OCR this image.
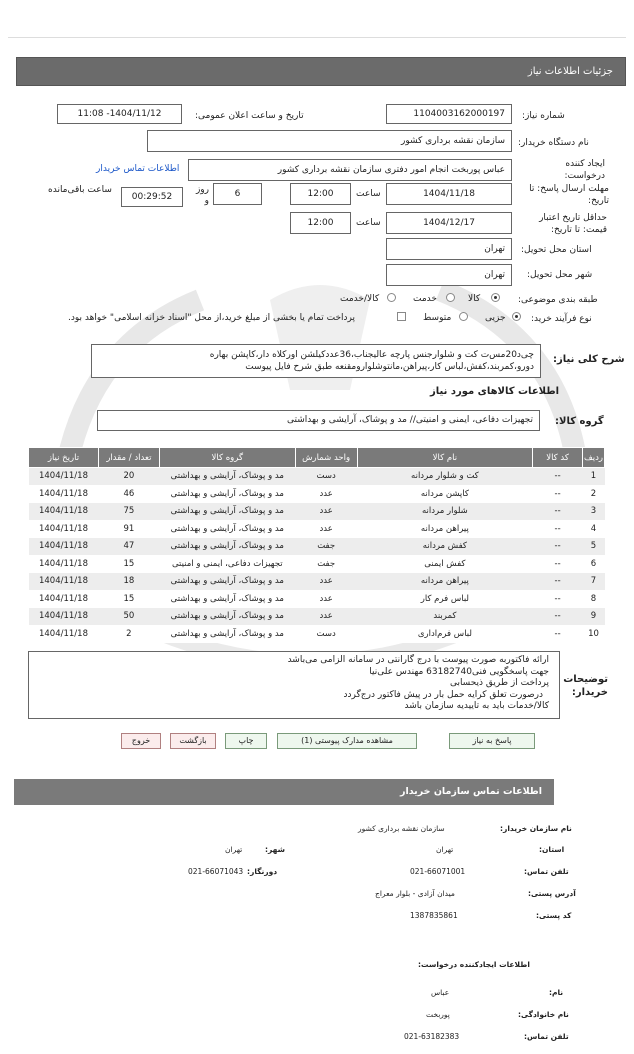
جزئیات اطلاعات نیاز
شماره نیاز:
1104003162000197
تاریخ و ساعت اعلان عمومی:
1404/11/12- 11:08
نام دستگاه خریدار:
سازمان نقشه برداری کشور
ایجاد کننده درخواست:
عباس پوربخت انجام امور دفتری سازمان نقشه برداری کشور
اطلاعات تماس خریدار
مهلت ارسال پاسخ: تا تاریخ:
1404/11/18
ساعت
12:00
6
روز و
00:29:52
ساعت باقی‌مانده
حداقل تاریخ اعتبار قیمت: تا تاریخ:
1404/12/17
ساعت
12:00
استان محل تحویل:
تهران
شهر محل تحویل:
تهران
طبقه بندی موضوعی:
کالا
خدمت
کالا/خدمت
نوع فرآیند خرید:
جزیی
متوسط
پرداخت تمام یا بخشی از مبلغ خرید،از محل "اسناد خزانه اسلامی" خواهد بود.
شرح کلی نیاز:
چی‌د20مس‌ت کت و شلوارجنس پارچه عالیجناب،36عددکیلشن اورکلاه دار،کاپشن بهاره
دورو،کمربند،کفش،لباس کار،پیراهن،مانتوشلوارومقنعه طبق شرح فایل پیوست
اطلاعات کالاهای مورد نیاز
گروه کالا:
تجهیزات دفاعی، ایمنی و امنیتی// مد و پوشاک، آرایشی و بهداشتی
ردیف	کد کالا	نام کالا	واحد شمارش	گروه کالا	تعداد / مقدار	تاریخ نیاز
1	--	کت و شلوار مردانه	دست	مد و پوشاک، آرایشی و بهداشتی	20	1404/11/18
2	--	کاپشن مردانه	عدد	مد و پوشاک، آرایشی و بهداشتی	46	1404/11/18
3	--	شلوار مردانه	عدد	مد و پوشاک، آرایشی و بهداشتی	75	1404/11/18
4	--	پیراهن مردانه	عدد	مد و پوشاک، آرایشی و بهداشتی	91	1404/11/18
5	--	کفش مردانه	جفت	مد و پوشاک، آرایشی و بهداشتی	47	1404/11/18
6	--	کفش ایمنی	جفت	تجهیزات دفاعی، ایمنی و امنیتی	15	1404/11/18
7	--	پیراهن مردانه	عدد	مد و پوشاک، آرایشی و بهداشتی	18	1404/11/18
8	--	لباس فرم کار	عدد	مد و پوشاک، آرایشی و بهداشتی	15	1404/11/18
9	--	کمربند	عدد	مد و پوشاک، آرایشی و بهداشتی	50	1404/11/18
10	--	لباس فرم‌اداری	دست	مد و پوشاک، آرایشی و بهداشتی	2	1404/11/18
توضیحات خریدار:
ارائه فاکتوربه صورت پیوست با درج گارانتی در سامانه الزامی می‌باشد
جهت پاسخگویی فنی63182740 مهندس علی‌نیا
پرداخت از طریق ذیحسابی
درصورت تعلق کرایه حمل بار در پیش فاکتور درج‌گردد
کالا/خدمات باید به تاییدیه سازمان باشد
پاسخ به نیاز
مشاهده مدارک پیوستی (1)
چاپ
بازگشت
خروج
اطلاعات تماس سازمان خریدار
نام سازمان خریدار:
سازمان نقشه برداری کشور
استان:
تهران
شهر:
تهران
تلفن تماس:
021-66071001
دورنگار:
021-66071043
آدرس پستی:
میدان آزادی - بلوار معراج
کد پستی:
1387835861
اطلاعات ایجادکننده درخواست:
نام:
عباس
نام خانوادگی:
پوربخت
تلفن تماس:
021-63182383
